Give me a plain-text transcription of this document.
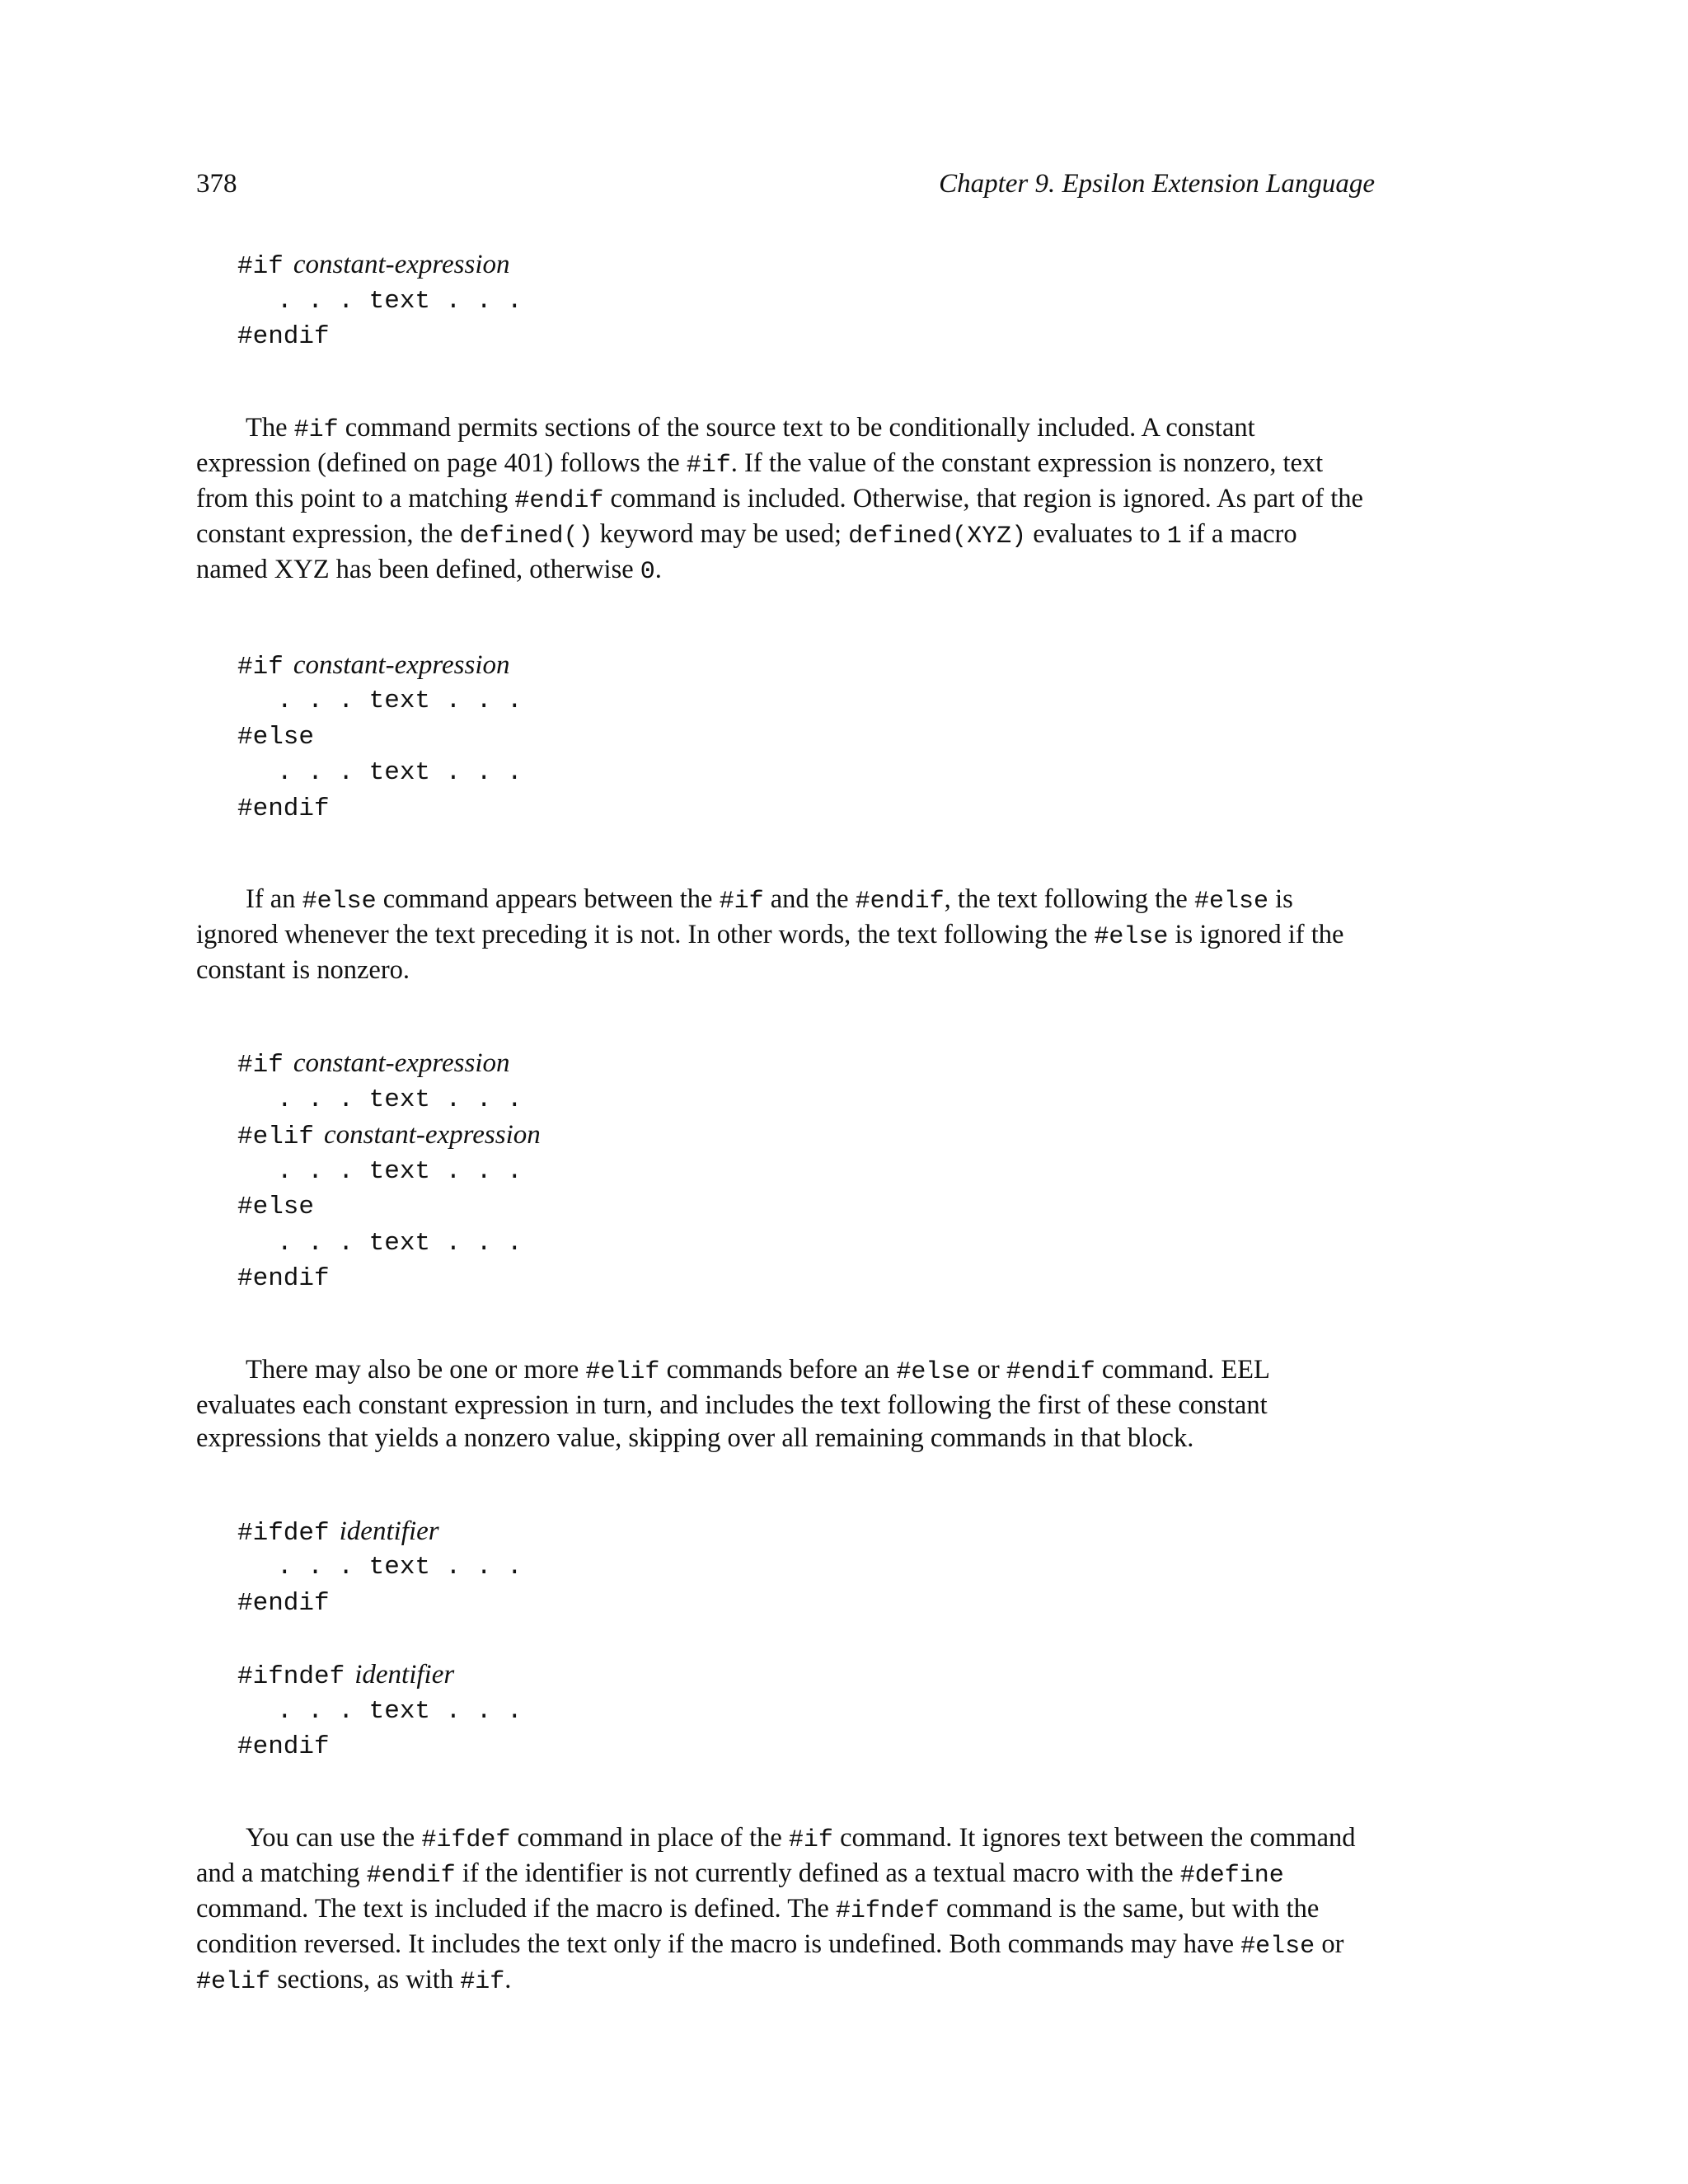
378	Chapter 9. Epsilon Extension Language
#if constant-expression
. . . text . . .
#endif

The #if command permits sections of the source text to be conditionally included. A constant expression (defined on page 401) follows the #if. If the value of the constant expression is nonzero, text from this point to a matching #endif command is included. Otherwise, that region is ignored. As part of the constant expression, the defined() keyword may be used; defined(XYZ) evaluates to 1 if a macro named XYZ has been defined, otherwise 0.

#if constant-expression
. . . text . . .
#else
. . . text . . .
#endif

If an #else command appears between the #if and the #endif, the text following the #else is ignored whenever the text preceding it is not. In other words, the text following the #else is ignored if the constant is nonzero.

#if constant-expression
. . . text . . .
#elif constant-expression
. . . text . . .
#else
. . . text . . .
#endif

There may also be one or more #elif commands before an #else or #endif command. EEL evaluates each constant expression in turn, and includes the text following the first of these constant expressions that yields a nonzero value, skipping over all remaining commands in that block.

#ifdef identifier
. . . text . . .
#endif
#ifndef identifier
. . . text . . .
#endif

You can use the #ifdef command in place of the #if command. It ignores text between the command and a matching #endif if the identifier is not currently defined as a textual macro with the #define command. The text is included if the macro is defined. The #ifndef command is the same, but with the condition reversed. It includes the text only if the macro is undefined. Both commands may have #else or #elif sections, as with #if.
